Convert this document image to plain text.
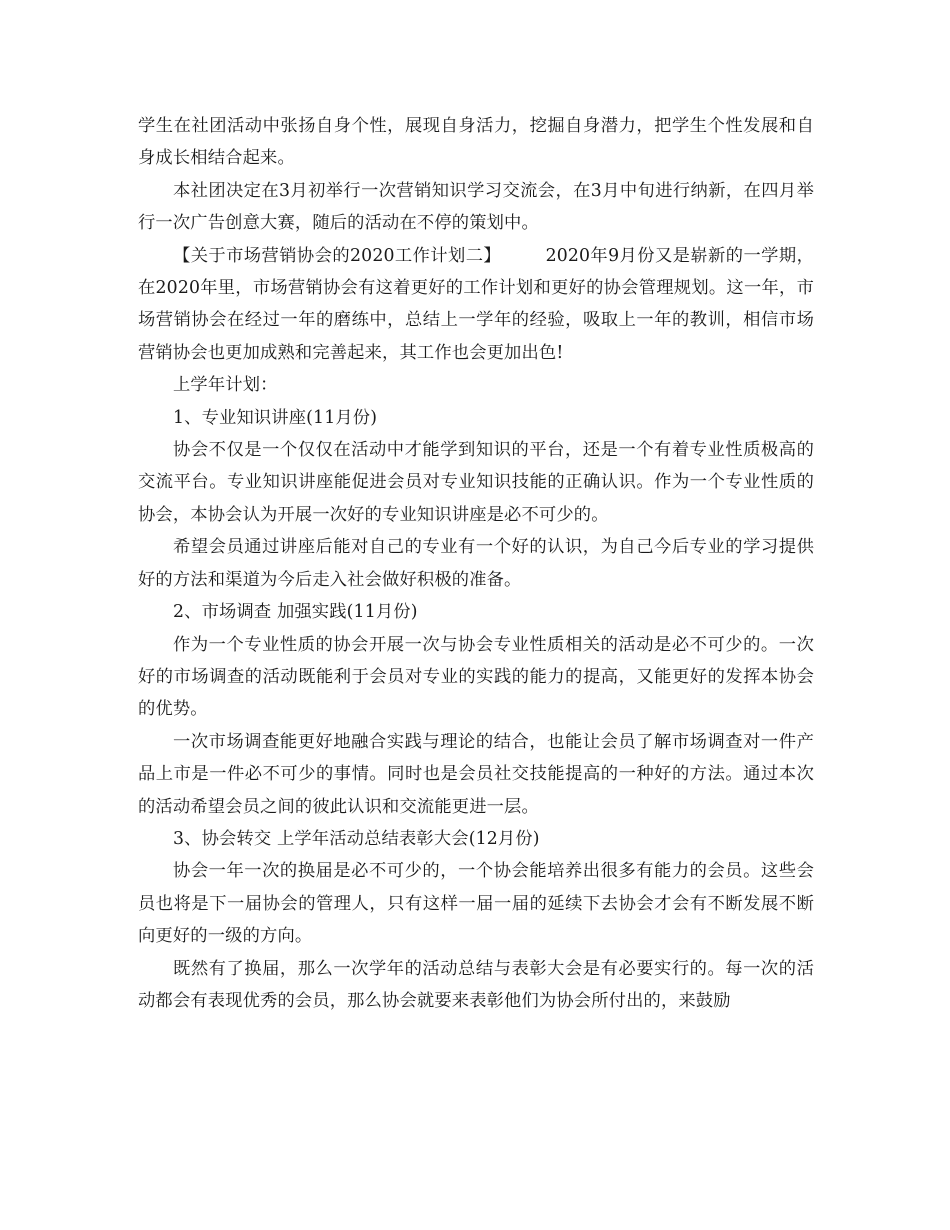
学生在社团活动中张扬自身个性，展现自身活力，挖掘自身潜力，把学生个性发展和自身成长相结合起来。

本社团决定在3月初举行一次营销知识学习交流会，在3月中旬进行纳新，在四月举行一次广告创意大赛，随后的活动在不停的策划中。

【关于市场营销协会的2020工作计划二】　　　2020年9月份又是崭新的一学期，在2020年里，市场营销协会有这着更好的工作计划和更好的协会管理规划。这一年，市场营销协会在经过一年的磨练中，总结上一学年的经验，吸取上一年的教训，相信市场营销协会也更加成熟和完善起来，其工作也会更加出色!

上学年计划：

1、专业知识讲座(11月份)

协会不仅是一个仅仅在活动中才能学到知识的平台，还是一个有着专业性质极高的交流平台。专业知识讲座能促进会员对专业知识技能的正确认识。作为一个专业性质的协会，本协会认为开展一次好的专业知识讲座是必不可少的。

希望会员通过讲座后能对自己的专业有一个好的认识，为自己今后专业的学习提供好的方法和渠道为今后走入社会做好积极的准备。

2、市场调查 加强实践(11月份)

作为一个专业性质的协会开展一次与协会专业性质相关的活动是必不可少的。一次好的市场调查的活动既能利于会员对专业的实践的能力的提高，又能更好的发挥本协会的优势。

一次市场调查能更好地融合实践与理论的结合，也能让会员了解市场调查对一件产品上市是一件必不可少的事情。同时也是会员社交技能提高的一种好的方法。通过本次的活动希望会员之间的彼此认识和交流能更进一层。

3、协会转交 上学年活动总结表彰大会(12月份)

协会一年一次的换届是必不可少的，一个协会能培养出很多有能力的会员。这些会员也将是下一届协会的管理人，只有这样一届一届的延续下去协会才会有不断发展不断向更好的一级的方向。

既然有了换届，那么一次学年的活动总结与表彰大会是有必要实行的。每一次的活动都会有表现优秀的会员，那么协会就要来表彰他们为协会所付出的，来鼓励
